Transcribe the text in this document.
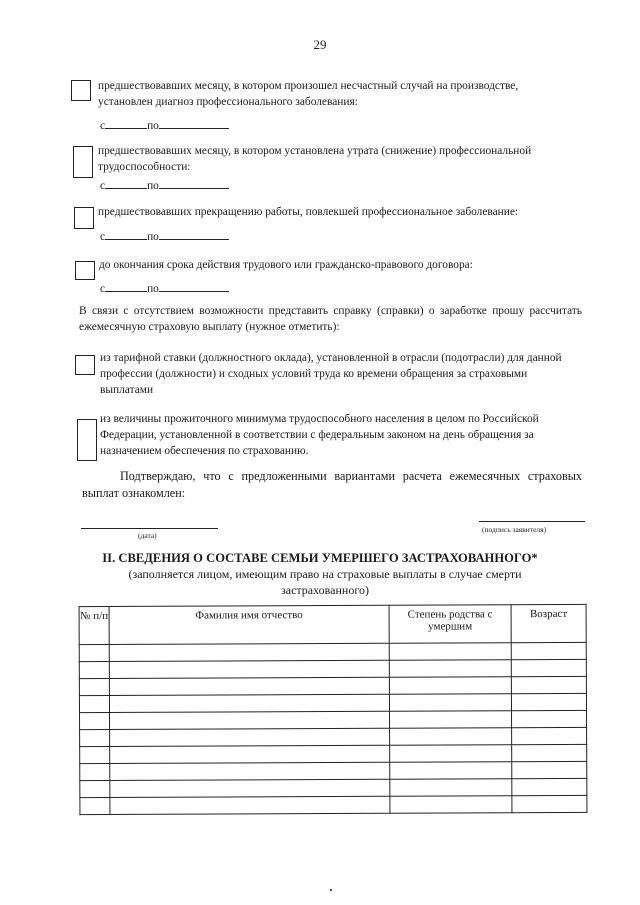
29
предшествовавших месяцу, в котором произошел несчастный случай на производстве,
установлен диагноз профессионального заболевания:
с	по
предшествовавших месяцу, в котором установлена утрата (снижение) профессиональной
трудоспособности:
с	по
предшествовавших прекращению работы, повлекшей профессиональное заболевание:
с	по
до окончания срока действия трудового или гражданско-правового договора:
с	по
В связи с отсутствием возможности представить справку (справки) о заработке прошу рассчитать ежемесячную страховую выплату (нужное отметить):
из тарифной ставки (должностного оклада), установленной в отрасли (подотрасли) для данной
профессии (должности) и сходных условий труда ко времени обращения за страховыми
выплатами
из величины прожиточного минимума трудоспособного населения в целом по Российской
Федерации, установленной в соответствии с федеральным законом на день обращения за
назначением обеспечения по страхованию.
Подтверждаю, что с предложенными вариантами расчета ежемесячных страховых выплат ознакомлен:
(дата)
(подпись заявителя)
II. СВЕДЕНИЯ О СОСТАВЕ СЕМЬИ УМЕРШЕГО ЗАСТРАХОВАННОГО*
(заполняется лицом, имеющим право на страховые выплаты в случае смерти застрахованного)
№ п/п	Фамилия имя отчество	Степень родства с умершим	Возраст
